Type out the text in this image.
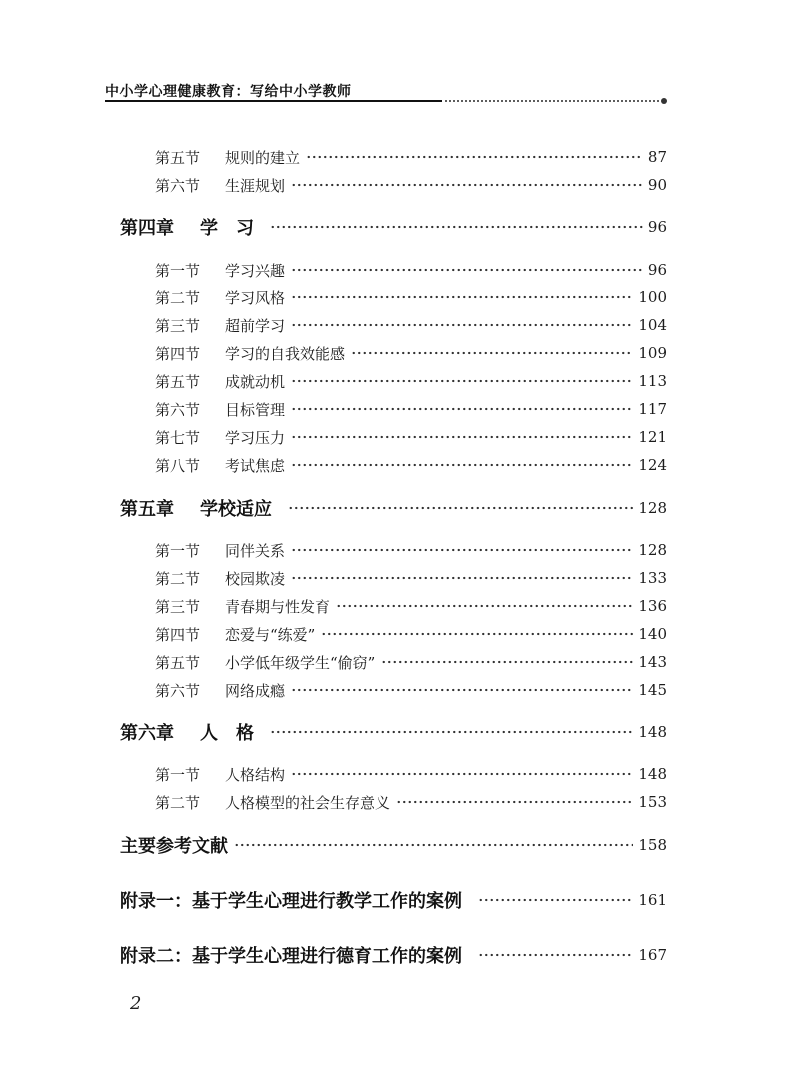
中小学心理健康教育：写给中小学教师
第五节	规则的建立	87
第六节	生涯规划	90
第四章	学　习	96
第一节	学习兴趣	96
第二节	学习风格	100
第三节	超前学习	104
第四节	学习的自我效能感	109
第五节	成就动机	113
第六节	目标管理	117
第七节	学习压力	121
第八节	考试焦虑	124
第五章	学校适应	128
第一节	同伴关系	128
第二节	校园欺凌	133
第三节	青春期与性发育	136
第四节	恋爱与“练爱”	140
第五节	小学低年级学生“偷窃”	143
第六节	网络成瘾	145
第六章	人　格	148
第一节	人格结构	148
第二节	人格模型的社会生存意义	153
主要参考文献	158
附录一：基于学生心理进行教学工作的案例	161
附录二：基于学生心理进行德育工作的案例	167
2
